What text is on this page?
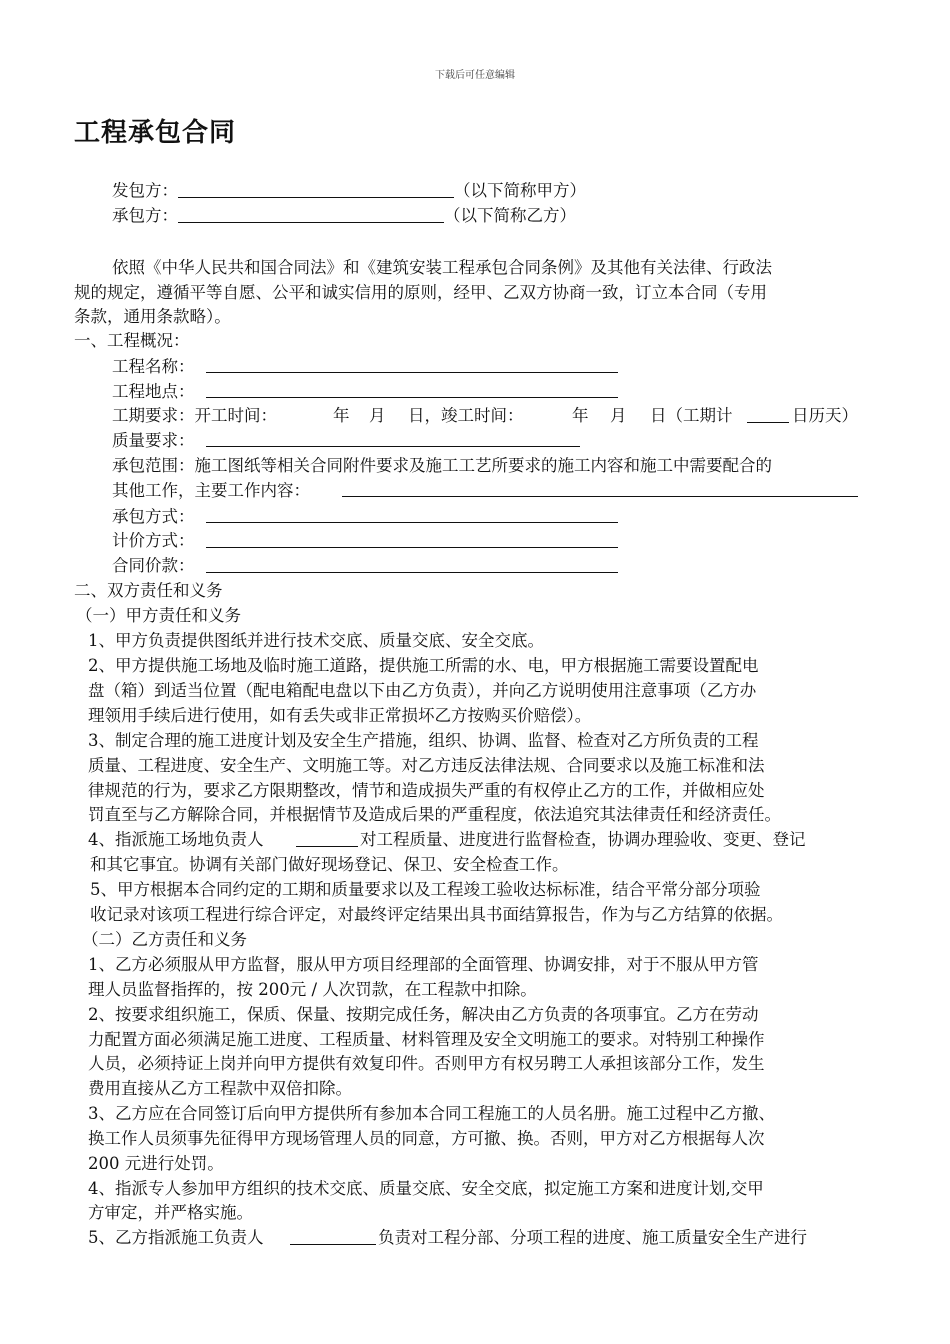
下载后可任意编辑
工程承包合同
发包方：	（以下简称甲方）
承包方：	（以下简称乙方）
依照《中华人民共和国合同法》和《建筑安装工程承包合同条例》及其他有关法律、行政法
规的规定，遵循平等自愿、公平和诚实信用的原则，经甲、乙双方协商一致，订立本合同（专用
条款，通用条款略）。
一、工程概况：
工程名称：
工程地点：
工期要求：开工时间：	年 月 日，竣工时间：	年 月 日（工期计	日历天）
质量要求：
承包范围：施工图纸等相关合同附件要求及施工工艺所要求的施工内容和施工中需要配合的
其他工作，主要工作内容：
承包方式：
计价方式：
合同价款：
二、双方责任和义务
（一）甲方责任和义务
1、甲方负责提供图纸并进行技术交底、质量交底、安全交底。
2、甲方提供施工场地及临时施工道路，提供施工所需的水、电，甲方根据施工需要设置配电
盘（箱）到适当位置（配电箱配电盘以下由乙方负责），并向乙方说明使用注意事项（乙方办
理领用手续后进行使用，如有丢失或非正常损坏乙方按购买价赔偿）。
3、制定合理的施工进度计划及安全生产措施，组织、协调、监督、检查对乙方所负责的工程
质量、工程进度、安全生产、文明施工等。对乙方违反法律法规、合同要求以及施工标准和法
律规范的行为，要求乙方限期整改，情节和造成损失严重的有权停止乙方的工作，并做相应处
罚直至与乙方解除合同，并根据情节及造成后果的严重程度，依法追究其法律责任和经济责任。
4、指派施工场地负责人	对工程质量、进度进行监督检查，协调办理验收、变更、登记
和其它事宜。协调有关部门做好现场登记、保卫、安全检查工作。
5、甲方根据本合同约定的工期和质量要求以及工程竣工验收达标标准，结合平常分部分项验
收记录对该项工程进行综合评定，对最终评定结果出具书面结算报告，作为与乙方结算的依据。
（二）乙方责任和义务
1、乙方必须服从甲方监督，服从甲方项目经理部的全面管理、协调安排，对于不服从甲方管
理人员监督指挥的，按 200元 / 人次罚款，在工程款中扣除。
2、按要求组织施工，保质、保量、按期完成任务，解决由乙方负责的各项事宜。乙方在劳动
力配置方面必须满足施工进度、工程质量、材料管理及安全文明施工的要求。对特别工种操作
人员，必须持证上岗并向甲方提供有效复印件。否则甲方有权另聘工人承担该部分工作，发生
费用直接从乙方工程款中双倍扣除。
3、乙方应在合同签订后向甲方提供所有参加本合同工程施工的人员名册。施工过程中乙方撤、
换工作人员须事先征得甲方现场管理人员的同意，方可撤、换。否则，甲方对乙方根据每人次
200 元进行处罚。
4、指派专人参加甲方组织的技术交底、质量交底、安全交底，拟定施工方案和进度计划,交甲
方审定，并严格实施。
5、乙方指派施工负责人	负责对工程分部、分项工程的进度、施工质量安全生产进行
